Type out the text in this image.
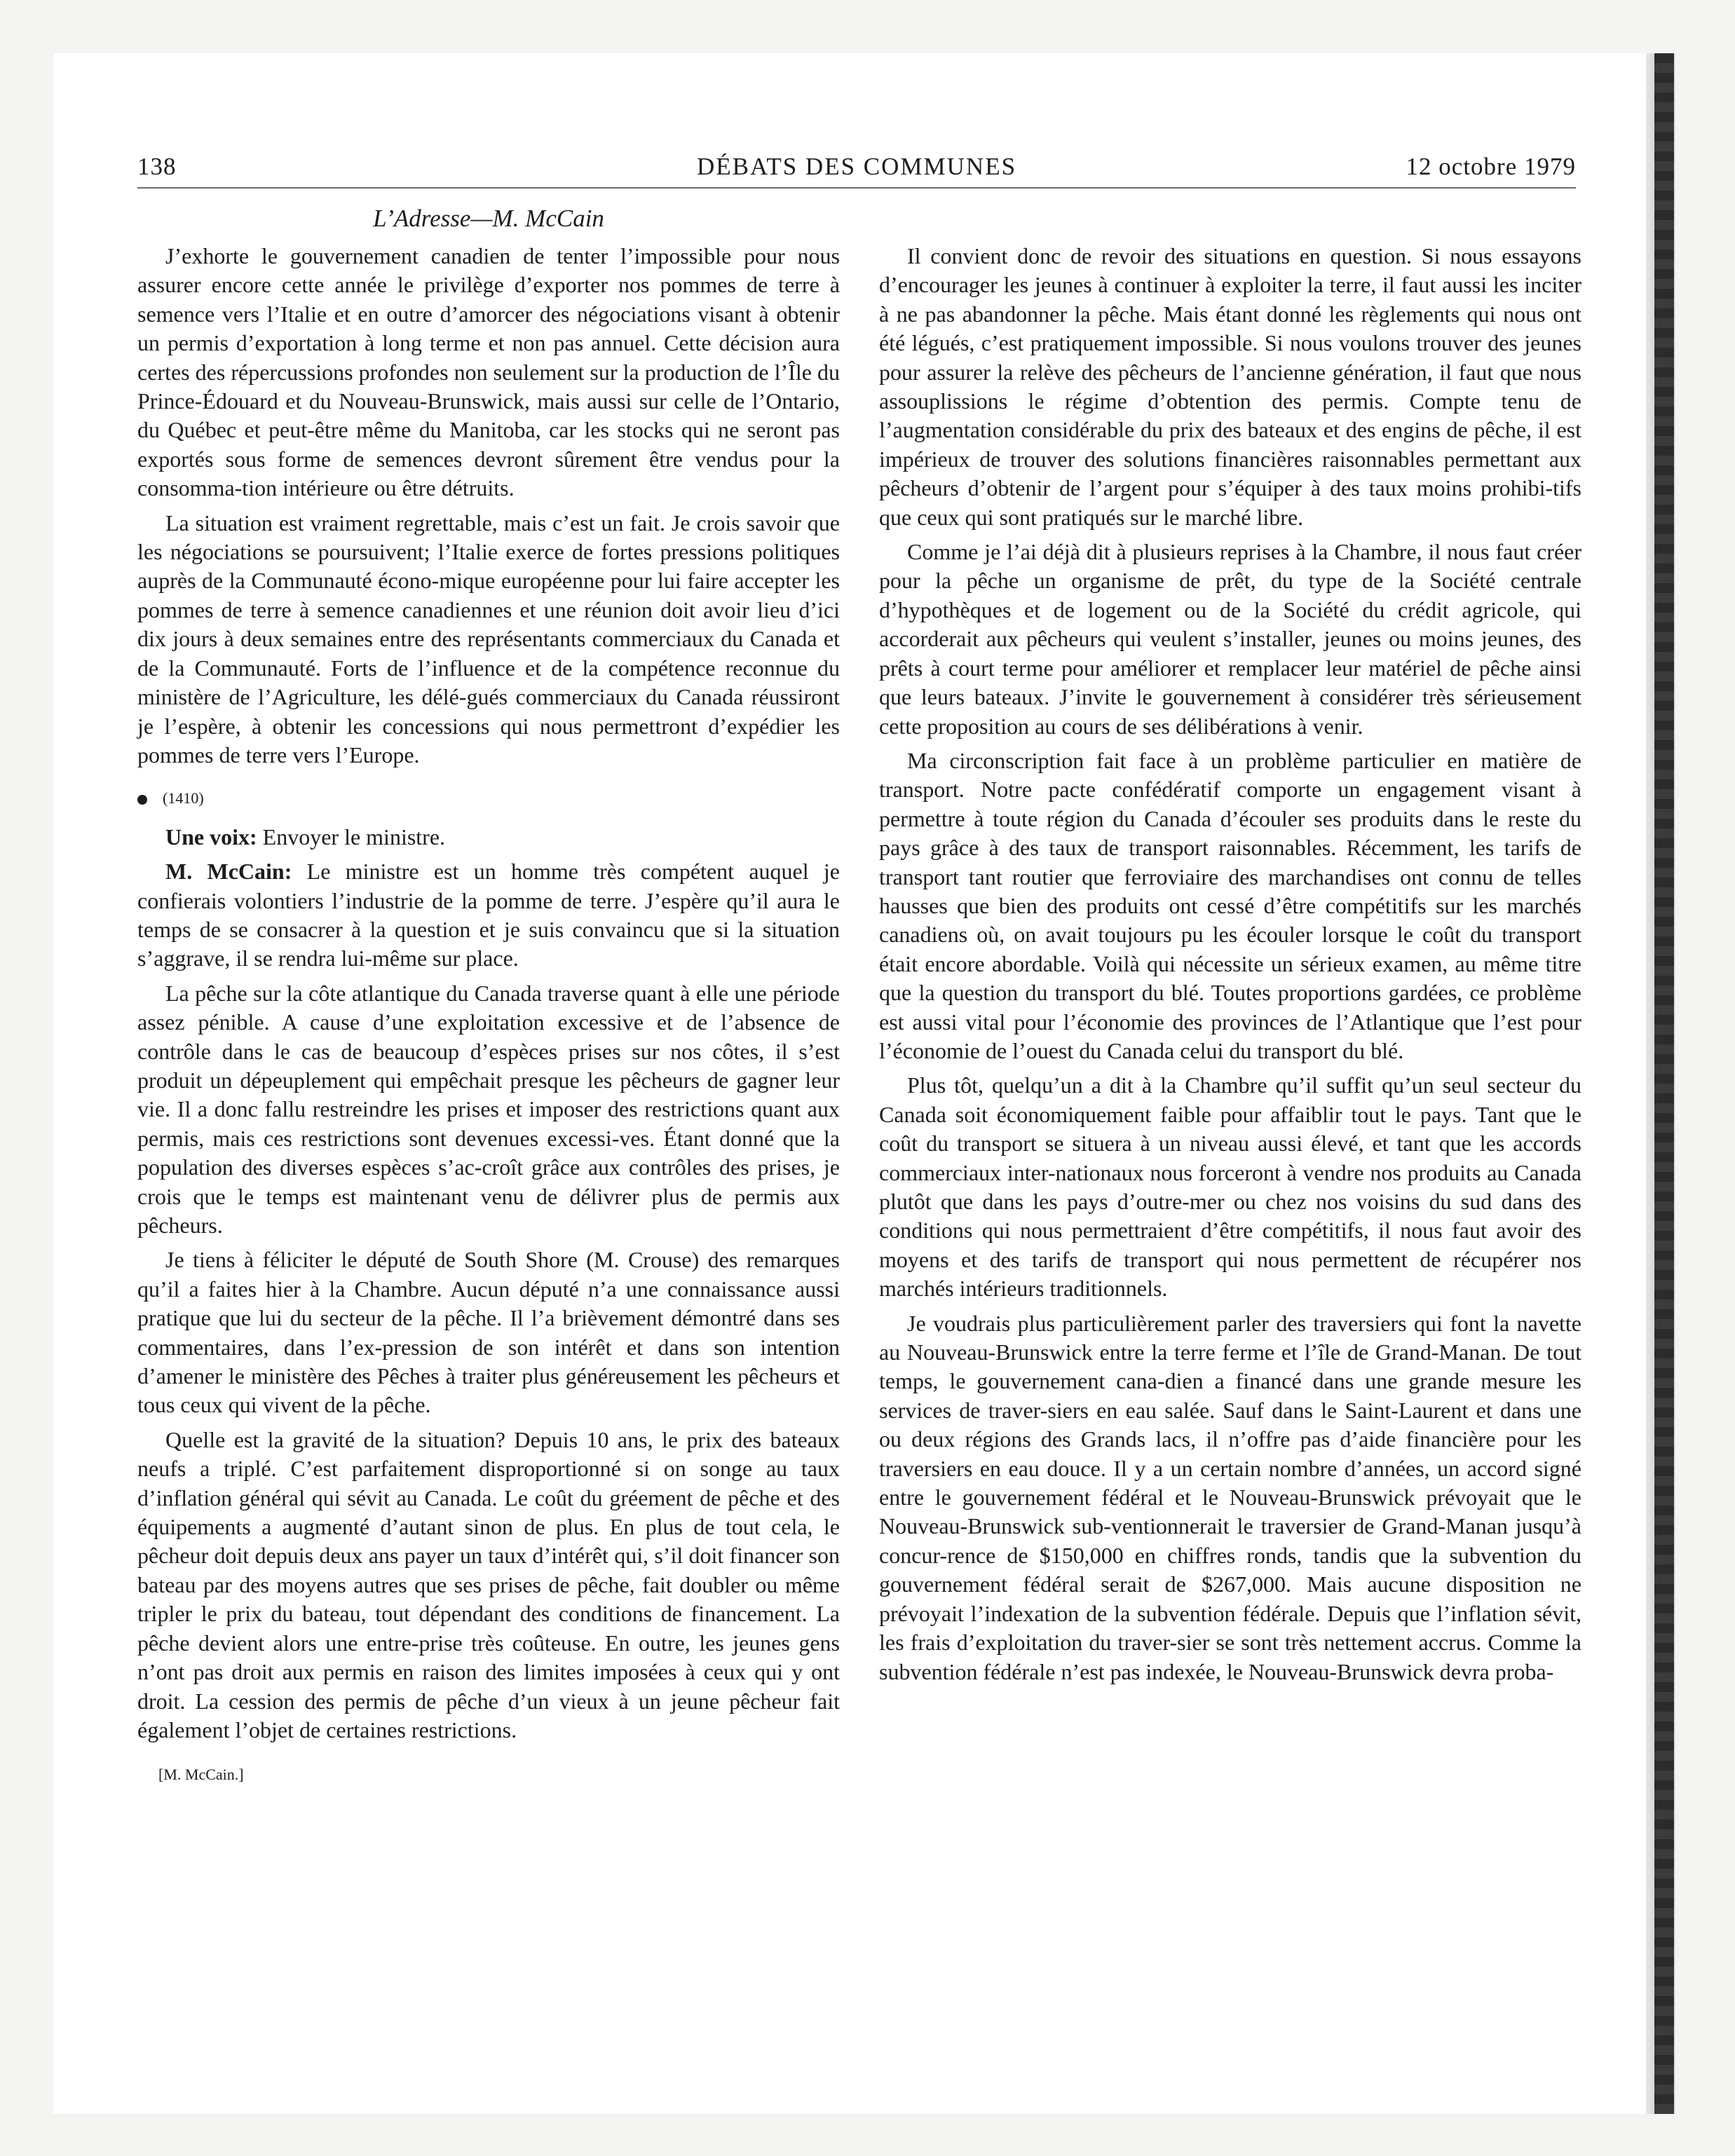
138	DÉBATS DES COMMUNES	12 octobre 1979
L’Adresse—M. McCain

J’exhorte le gouvernement canadien de tenter l’impossible pour nous assurer encore cette année le privilège d’exporter nos pommes de terre à semence vers l’Italie et en outre d’amorcer des négociations visant à obtenir un permis d’exportation à long terme et non pas annuel. Cette décision aura certes des répercussions profondes non seulement sur la production de l’Île du Prince-Édouard et du Nouveau-Brunswick, mais aussi sur celle de l’Ontario, du Québec et peut-être même du Manitoba, car les stocks qui ne seront pas exportés sous forme de semences devront sûrement être vendus pour la consomma-tion intérieure ou être détruits.

La situation est vraiment regrettable, mais c’est un fait. Je crois savoir que les négociations se poursuivent; l’Italie exerce de fortes pressions politiques auprès de la Communauté écono-mique européenne pour lui faire accepter les pommes de terre à semence canadiennes et une réunion doit avoir lieu d’ici dix jours à deux semaines entre des représentants commerciaux du Canada et de la Communauté. Forts de l’influence et de la compétence reconnue du ministère de l’Agriculture, les délé-gués commerciaux du Canada réussiront je l’espère, à obtenir les concessions qui nous permettront d’expédier les pommes de terre vers l’Europe.

(1410)

Une voix: Envoyer le ministre.

M. McCain: Le ministre est un homme très compétent auquel je confierais volontiers l’industrie de la pomme de terre. J’espère qu’il aura le temps de se consacrer à la question et je suis convaincu que si la situation s’aggrave, il se rendra lui-même sur place.

La pêche sur la côte atlantique du Canada traverse quant à elle une période assez pénible. A cause d’une exploitation excessive et de l’absence de contrôle dans le cas de beaucoup d’espèces prises sur nos côtes, il s’est produit un dépeuplement qui empêchait presque les pêcheurs de gagner leur vie. Il a donc fallu restreindre les prises et imposer des restrictions quant aux permis, mais ces restrictions sont devenues excessi-ves. Étant donné que la population des diverses espèces s’ac-croît grâce aux contrôles des prises, je crois que le temps est maintenant venu de délivrer plus de permis aux pêcheurs.

Je tiens à féliciter le député de South Shore (M. Crouse) des remarques qu’il a faites hier à la Chambre. Aucun député n’a une connaissance aussi pratique que lui du secteur de la pêche. Il l’a brièvement démontré dans ses commentaires, dans l’ex-pression de son intérêt et dans son intention d’amener le ministère des Pêches à traiter plus généreusement les pêcheurs et tous ceux qui vivent de la pêche.

Quelle est la gravité de la situation? Depuis 10 ans, le prix des bateaux neufs a triplé. C’est parfaitement disproportionné si on songe au taux d’inflation général qui sévit au Canada. Le coût du gréement de pêche et des équipements a augmenté d’autant sinon de plus. En plus de tout cela, le pêcheur doit depuis deux ans payer un taux d’intérêt qui, s’il doit financer son bateau par des moyens autres que ses prises de pêche, fait doubler ou même tripler le prix du bateau, tout dépendant des conditions de financement. La pêche devient alors une entre-prise très coûteuse. En outre, les jeunes gens n’ont pas droit aux permis en raison des limites imposées à ceux qui y ont droit. La cession des permis de pêche d’un vieux à un jeune pêcheur fait également l’objet de certaines restrictions.

[M. McCain.]

Il convient donc de revoir des situations en question. Si nous essayons d’encourager les jeunes à continuer à exploiter la terre, il faut aussi les inciter à ne pas abandonner la pêche. Mais étant donné les règlements qui nous ont été légués, c’est pratiquement impossible. Si nous voulons trouver des jeunes pour assurer la relève des pêcheurs de l’ancienne génération, il faut que nous assouplissions le régime d’obtention des permis. Compte tenu de l’augmentation considérable du prix des bateaux et des engins de pêche, il est impérieux de trouver des solutions financières raisonnables permettant aux pêcheurs d’obtenir de l’argent pour s’équiper à des taux moins prohibi-tifs que ceux qui sont pratiqués sur le marché libre.

Comme je l’ai déjà dit à plusieurs reprises à la Chambre, il nous faut créer pour la pêche un organisme de prêt, du type de la Société centrale d’hypothèques et de logement ou de la Société du crédit agricole, qui accorderait aux pêcheurs qui veulent s’installer, jeunes ou moins jeunes, des prêts à court terme pour améliorer et remplacer leur matériel de pêche ainsi que leurs bateaux. J’invite le gouvernement à considérer très sérieusement cette proposition au cours de ses délibérations à venir.

Ma circonscription fait face à un problème particulier en matière de transport. Notre pacte confédératif comporte un engagement visant à permettre à toute région du Canada d’écouler ses produits dans le reste du pays grâce à des taux de transport raisonnables. Récemment, les tarifs de transport tant routier que ferroviaire des marchandises ont connu de telles hausses que bien des produits ont cessé d’être compétitifs sur les marchés canadiens où, on avait toujours pu les écouler lorsque le coût du transport était encore abordable. Voilà qui nécessite un sérieux examen, au même titre que la question du transport du blé. Toutes proportions gardées, ce problème est aussi vital pour l’économie des provinces de l’Atlantique que l’est pour l’économie de l’ouest du Canada celui du transport du blé.

Plus tôt, quelqu’un a dit à la Chambre qu’il suffit qu’un seul secteur du Canada soit économiquement faible pour affaiblir tout le pays. Tant que le coût du transport se situera à un niveau aussi élevé, et tant que les accords commerciaux inter-nationaux nous forceront à vendre nos produits au Canada plutôt que dans les pays d’outre-mer ou chez nos voisins du sud dans des conditions qui nous permettraient d’être compétitifs, il nous faut avoir des moyens et des tarifs de transport qui nous permettent de récupérer nos marchés intérieurs traditionnels.

Je voudrais plus particulièrement parler des traversiers qui font la navette au Nouveau-Brunswick entre la terre ferme et l’île de Grand-Manan. De tout temps, le gouvernement cana-dien a financé dans une grande mesure les services de traver-siers en eau salée. Sauf dans le Saint-Laurent et dans une ou deux régions des Grands lacs, il n’offre pas d’aide financière pour les traversiers en eau douce. Il y a un certain nombre d’années, un accord signé entre le gouvernement fédéral et le Nouveau-Brunswick prévoyait que le Nouveau-Brunswick sub-ventionnerait le traversier de Grand-Manan jusqu’à concur-rence de $150,000 en chiffres ronds, tandis que la subvention du gouvernement fédéral serait de $267,000. Mais aucune disposition ne prévoyait l’indexation de la subvention fédérale. Depuis que l’inflation sévit, les frais d’exploitation du traver-sier se sont très nettement accrus. Comme la subvention fédérale n’est pas indexée, le Nouveau-Brunswick devra proba-
